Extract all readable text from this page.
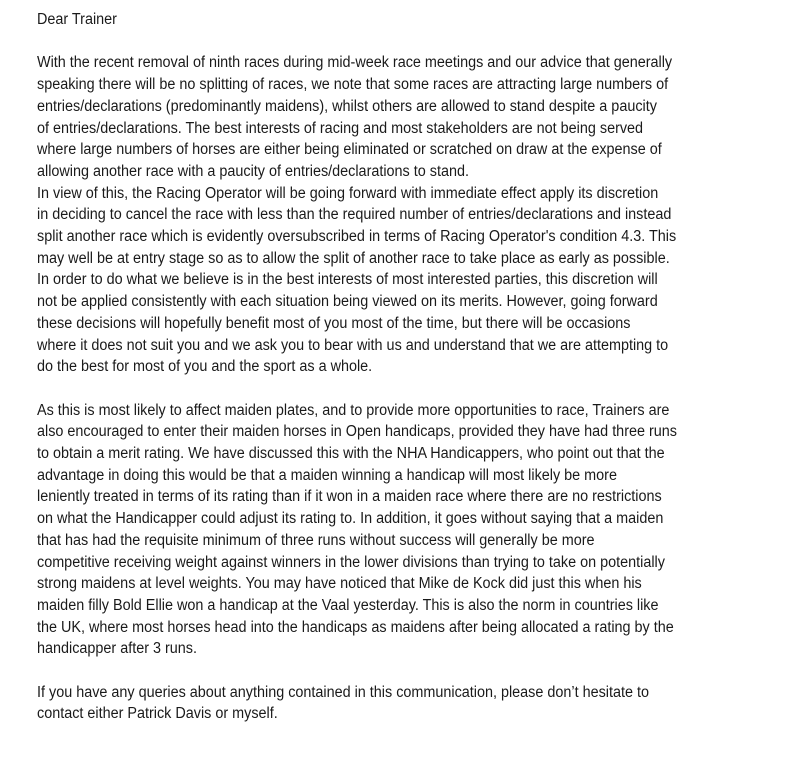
Dear Trainer
With the recent removal of ninth races during mid-week race meetings and our advice that generally
speaking there will be no splitting of races, we note that some races are attracting large numbers of
entries/declarations (predominantly maidens), whilst others are allowed to stand despite a paucity
of entries/declarations. The best interests of racing and most stakeholders are not being served
where large numbers of horses are either being eliminated or scratched on draw at the expense of
allowing another race with a paucity of entries/declarations to stand.
In view of this, the Racing Operator will be going forward with immediate effect apply its discretion
in deciding to cancel the race with less than the required number of entries/declarations and instead
split another race which is evidently oversubscribed in terms of Racing Operator's condition 4.3. This
may well be at entry stage so as to allow the split of another race to take place as early as possible.
In order to do what we believe is in the best interests of most interested parties, this discretion will
not be applied consistently with each situation being viewed on its merits. However, going forward
these decisions will hopefully benefit most of you most of the time, but there will be occasions
where it does not suit you and we ask you to bear with us and understand that we are attempting to
do the best for most of you and the sport as a whole.
As this is most likely to affect maiden plates, and to provide more opportunities to race, Trainers are
also encouraged to enter their maiden horses in Open handicaps, provided they have had three runs
to obtain a merit rating. We have discussed this with the NHA Handicappers, who point out that the
advantage in doing this would be that a maiden winning a handicap will most likely be more
leniently treated in terms of its rating than if it won in a maiden race where there are no restrictions
on what the Handicapper could adjust its rating to. In addition, it goes without saying that a maiden
that has had the requisite minimum of three runs without success will generally be more
competitive receiving weight against winners in the lower divisions than trying to take on potentially
strong maidens at level weights. You may have noticed that Mike de Kock did just this when his
maiden filly Bold Ellie won a handicap at the Vaal yesterday. This is also the norm in countries like
the UK, where most horses head into the handicaps as maidens after being allocated a rating by the
handicapper after 3 runs.
If you have any queries about anything contained in this communication, please don’t hesitate to
contact either Patrick Davis or myself.
